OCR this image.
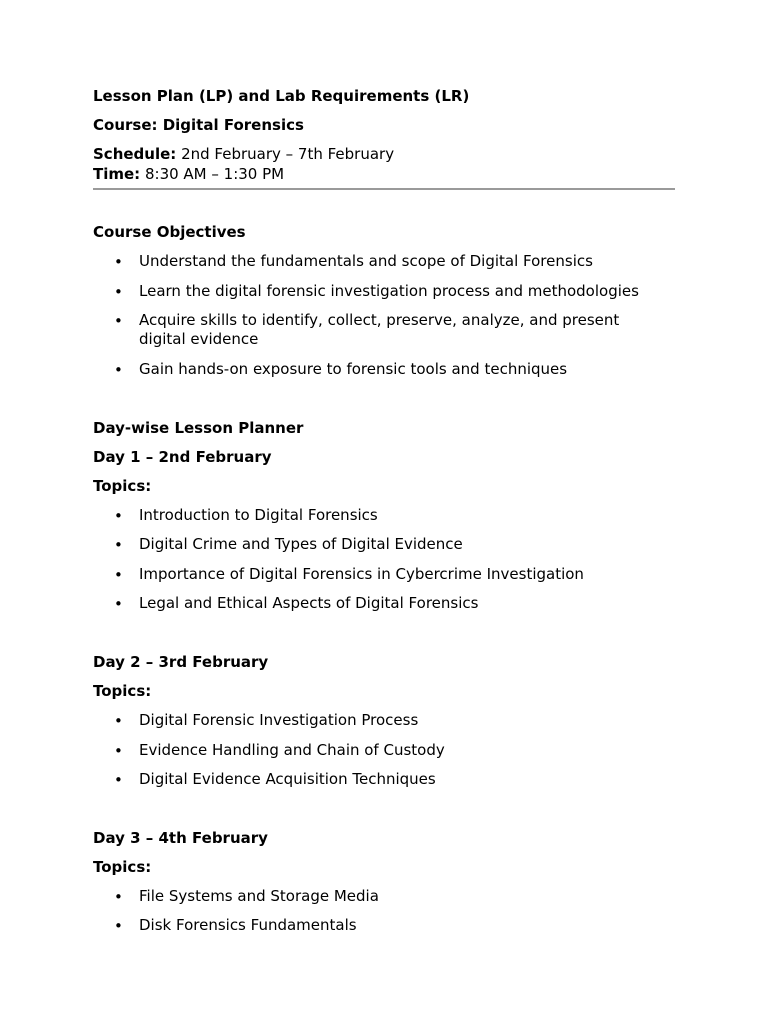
Lesson Plan (LP) and Lab Requirements (LR)
Course: Digital Forensics
Schedule: 2nd February – 7th February
Time: 8:30 AM – 1:30 PM
Course Objectives
• Understand the fundamentals and scope of Digital Forensics
• Learn the digital forensic investigation process and methodologies
• Acquire skills to identify, collect, preserve, analyze, and present digital evidence
• Gain hands-on exposure to forensic tools and techniques
Day-wise Lesson Planner
Day 1 – 2nd February
Topics:
• Introduction to Digital Forensics
• Digital Crime and Types of Digital Evidence
• Importance of Digital Forensics in Cybercrime Investigation
• Legal and Ethical Aspects of Digital Forensics
Day 2 – 3rd February
Topics:
• Digital Forensic Investigation Process
• Evidence Handling and Chain of Custody
• Digital Evidence Acquisition Techniques
Day 3 – 4th February
Topics:
• File Systems and Storage Media
• Disk Forensics Fundamentals
